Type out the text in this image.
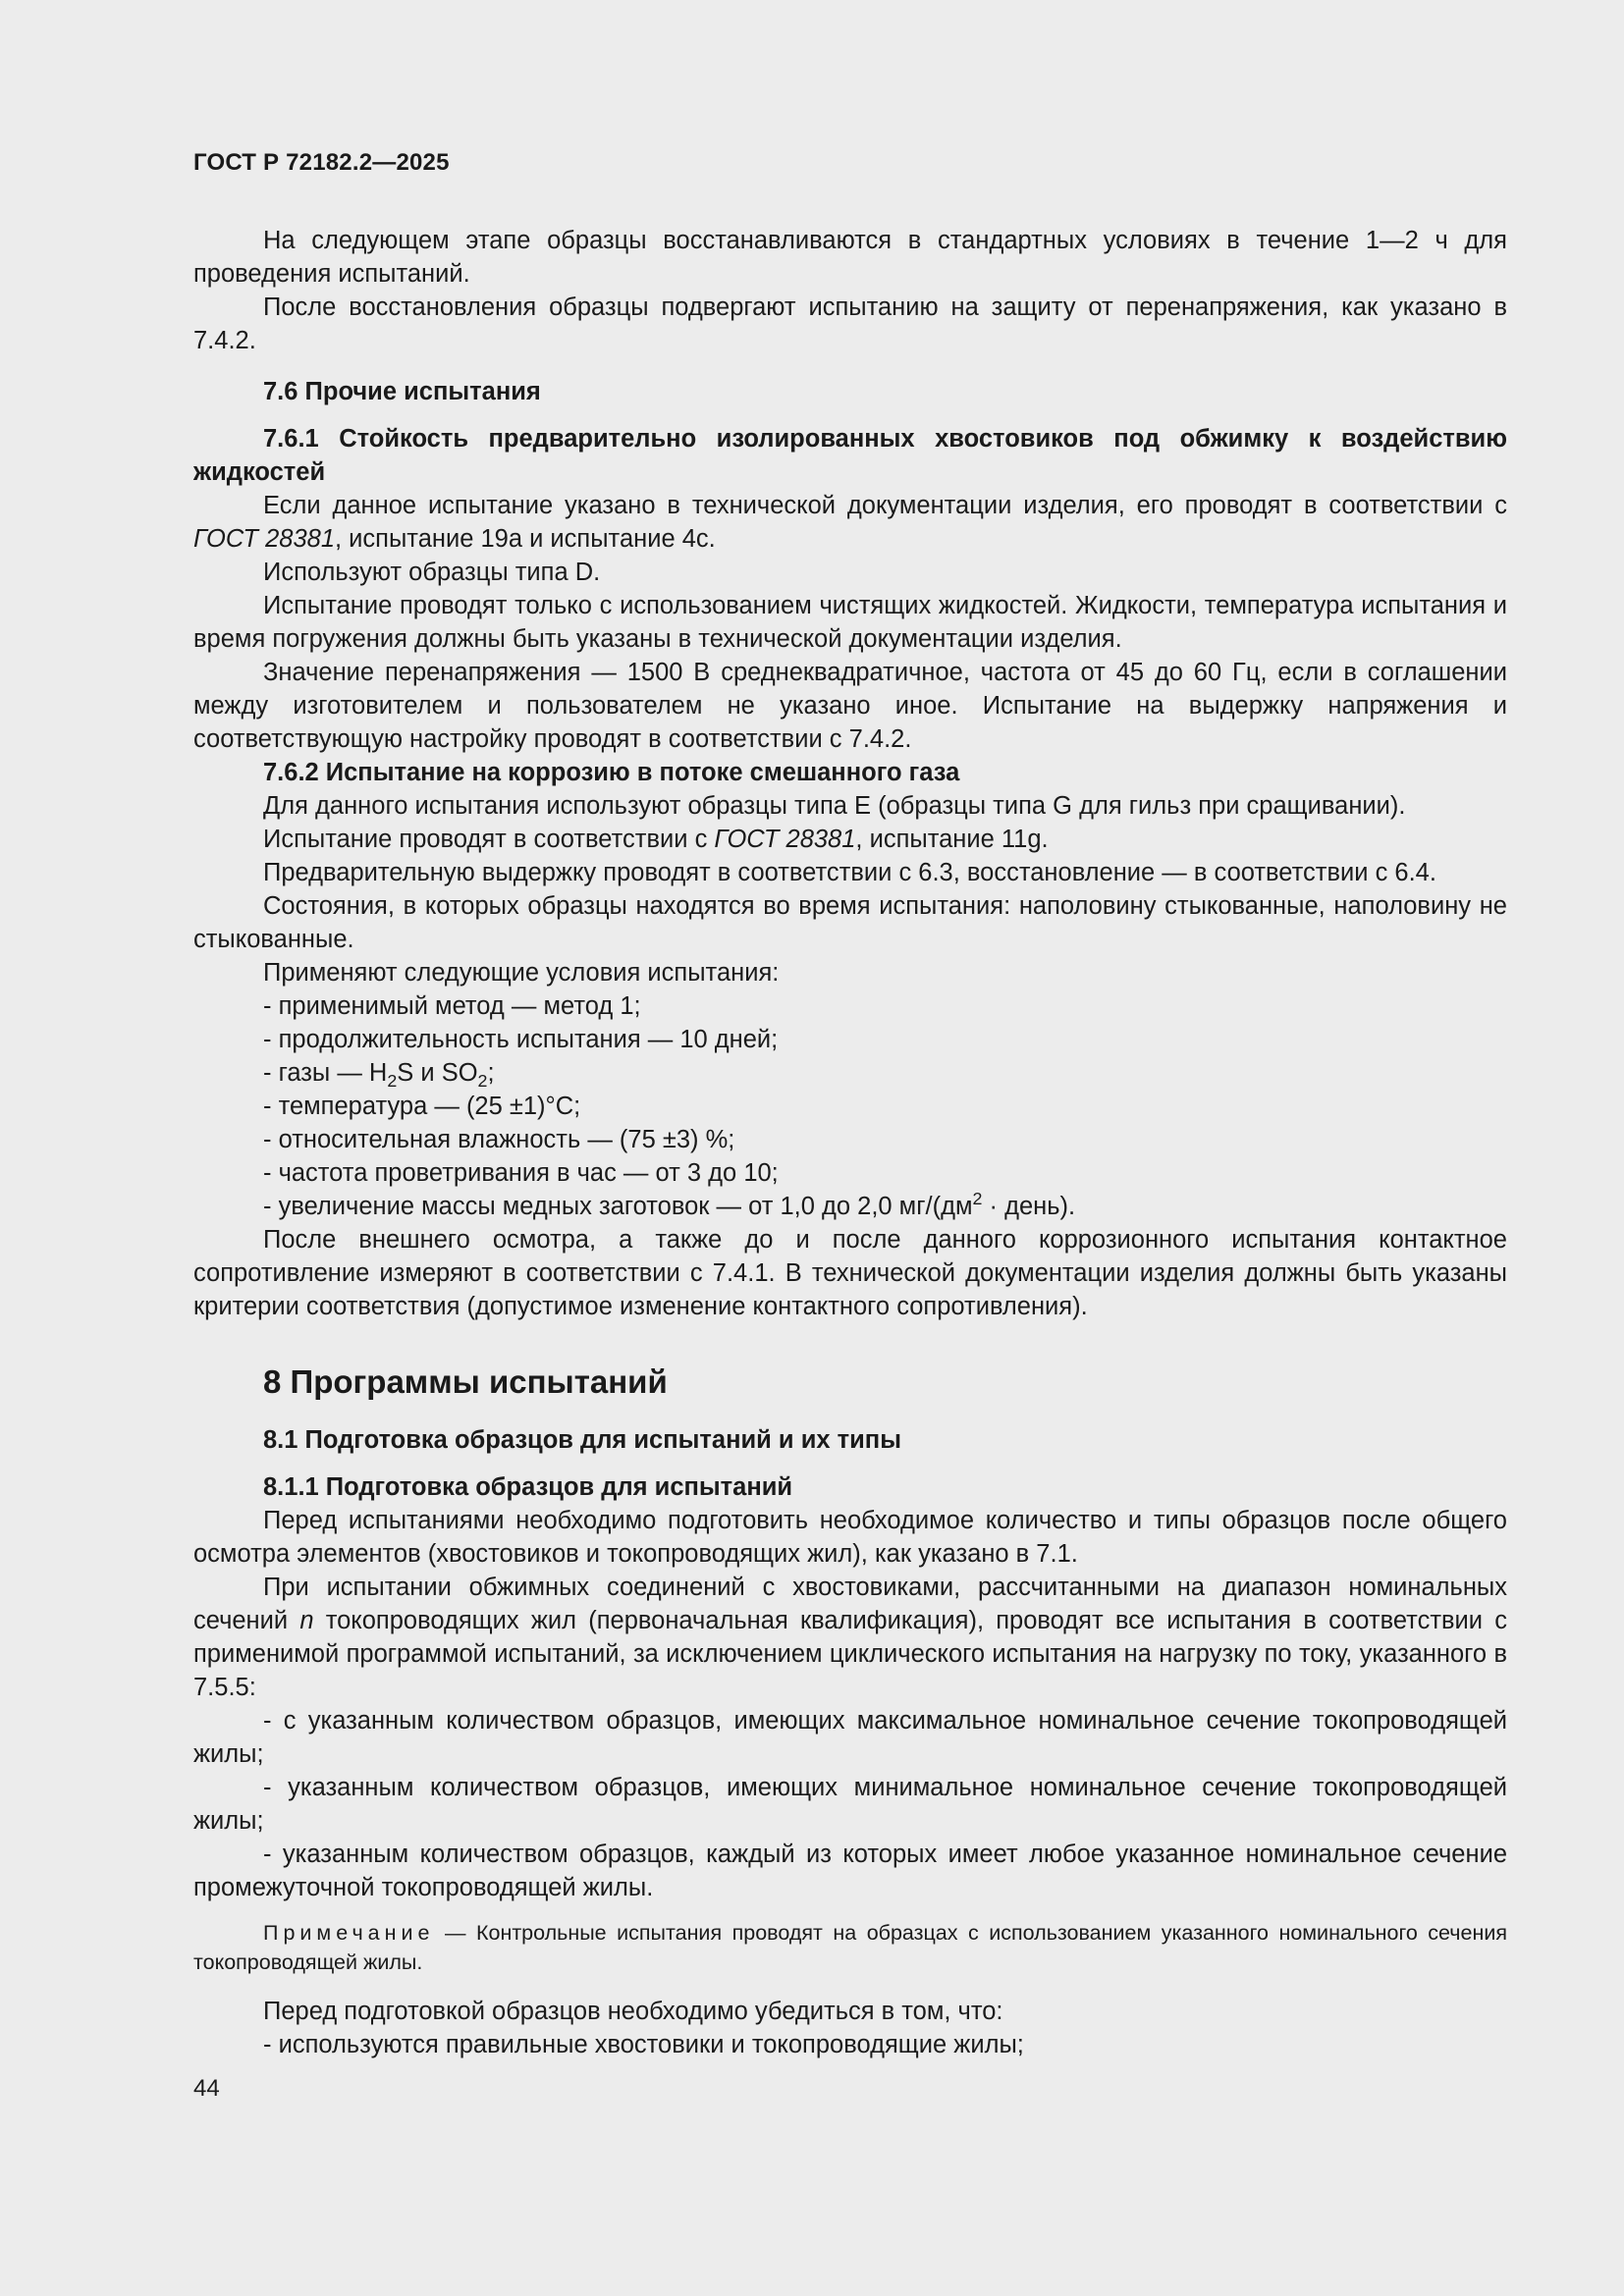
ГОСТ Р 72182.2—2025

На следующем этапе образцы восстанавливаются в стандартных условиях в течение 1—2 ч для проведения испытаний.

После восстановления образцы подвергают испытанию на защиту от перенапряжения, как указано в 7.4.2.

7.6 Прочие испытания

7.6.1 Стойкость предварительно изолированных хвостовиков под обжимку к воздействию жидкостей

Если данное испытание указано в технической документации изделия, его проводят в соответствии с ГОСТ 28381, испытание 19a и испытание 4c.

Используют образцы типа D.

Испытание проводят только с использованием чистящих жидкостей. Жидкости, температура испытания и время погружения должны быть указаны в технической документации изделия.

Значение перенапряжения — 1500 В среднеквадратичное, частота от 45 до 60 Гц, если в соглашении между изготовителем и пользователем не указано иное. Испытание на выдержку напряжения и соответствующую настройку проводят в соответствии с 7.4.2.

7.6.2 Испытание на коррозию в потоке смешанного газа

Для данного испытания используют образцы типа E (образцы типа G для гильз при сращивании).

Испытание проводят в соответствии с ГОСТ 28381, испытание 11g.

Предварительную выдержку проводят в соответствии с 6.3, восстановление — в соответствии с 6.4.

Состояния, в которых образцы находятся во время испытания: наполовину стыкованные, наполовину не стыкованные.

Применяют следующие условия испытания:

- применимый метод — метод 1;

- продолжительность испытания — 10 дней;

- газы — $H_2S$ и $SO_2$;

- температура — (25 ±1)°C;

- относительная влажность — (75 ±3) %;

- частота проветривания в час — от 3 до 10;

- увеличение массы медных заготовок — от 1,0 до 2,0 $мг/(дм^2$ · день).

После внешнего осмотра, а также до и после данного коррозионного испытания контактное сопротивление измеряют в соответствии с 7.4.1. В технической документации изделия должны быть указаны критерии соответствия (допустимое изменение контактного сопротивления).

8 Программы испытаний

8.1 Подготовка образцов для испытаний и их типы

8.1.1 Подготовка образцов для испытаний

Перед испытаниями необходимо подготовить необходимое количество и типы образцов после общего осмотра элементов (хвостовиков и токопроводящих жил), как указано в 7.1.

При испытании обжимных соединений с хвостовиками, рассчитанными на диапазон номинальных сечений n токопроводящих жил (первоначальная квалификация), проводят все испытания в соответствии с применимой программой испытаний, за исключением циклического испытания на нагрузку по току, указанного в 7.5.5:

- с указанным количеством образцов, имеющих максимальное номинальное сечение токопроводящей жилы;

- указанным количеством образцов, имеющих минимальное номинальное сечение токопроводящей жилы;

- указанным количеством образцов, каждый из которых имеет любое указанное номинальное сечение промежуточной токопроводящей жилы.

Примечание — Контрольные испытания проводят на образцах с использованием указанного номинального сечения токопроводящей жилы.

Перед подготовкой образцов необходимо убедиться в том, что:

- используются правильные хвостовики и токопроводящие жилы;

44
